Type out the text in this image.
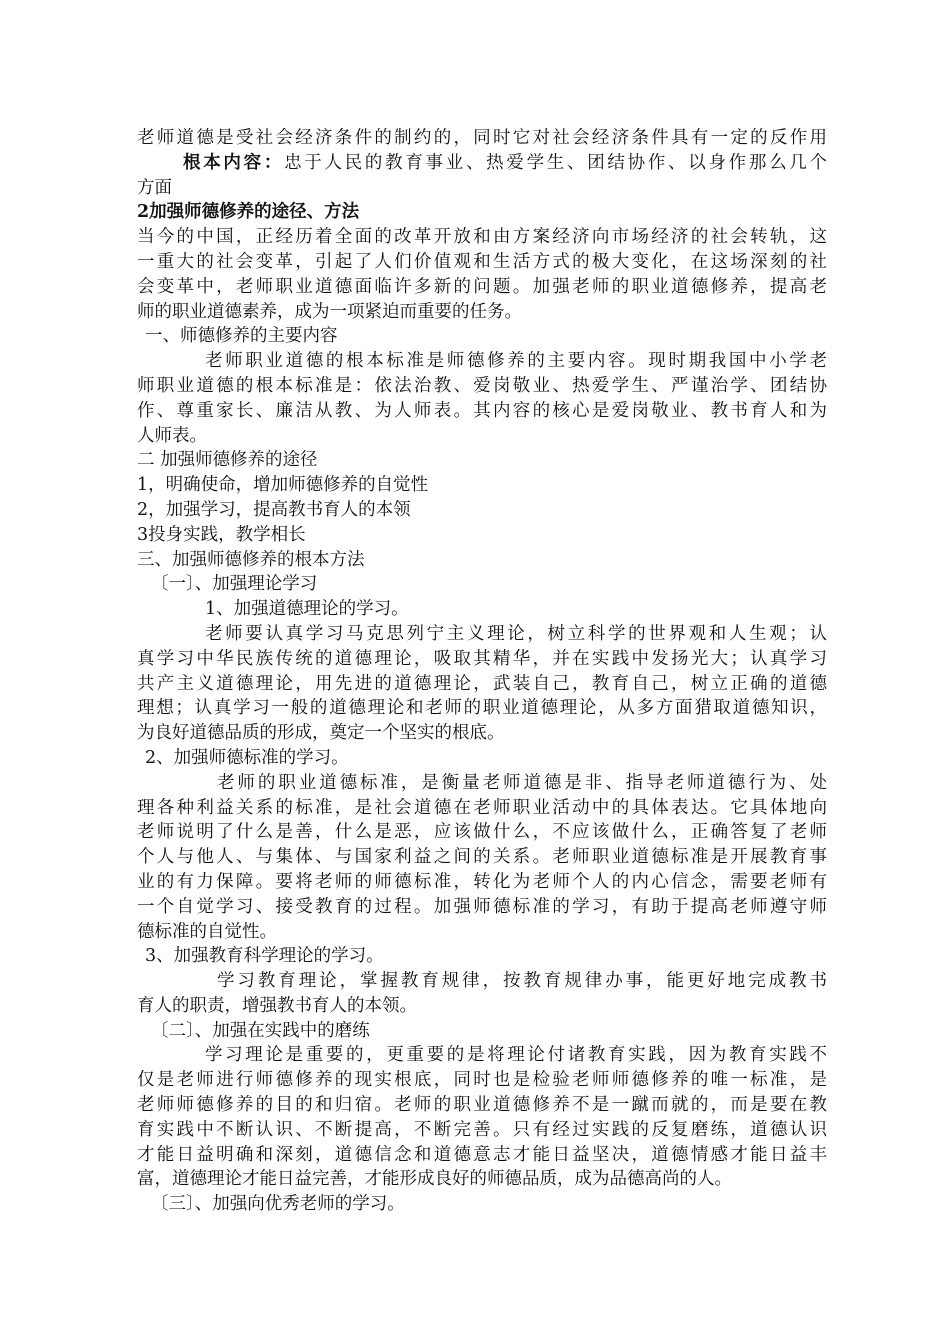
老师道德是受社会经济条件的制约的，同时它对社会经济条件具有一定的反作用
根本内容：忠于人民的教育事业、热爱学生、团结协作、以身作那么几个
方面
2加强师德修养的途径、方法
当今的中国，正经历着全面的改革开放和由方案经济向市场经济的社会转轨，这
一重大的社会变革，引起了人们价值观和生活方式的极大变化，在这场深刻的社
会变革中，老师职业道德面临许多新的问题。加强老师的职业道德修养，提高老
师的职业道德素养，成为一项紧迫而重要的任务。
一、师德修养的主要内容
老师职业道德的根本标准是师德修养的主要内容。现时期我国中小学老
师职业道德的根本标准是：依法治教、爱岗敬业、热爱学生、严谨治学、团结协
作、尊重家长、廉洁从教、为人师表。其内容的核心是爱岗敬业、教书育人和为
人师表。
二 加强师德修养的途径
1，明确使命，增加师德修养的自觉性
2，加强学习，提高教书育人的本领
3投身实践，教学相长
三、加强师德修养的根本方法
〔一〕、加强理论学习
1、加强道德理论的学习。
老师要认真学习马克思列宁主义理论，树立科学的世界观和人生观；认
真学习中华民族传统的道德理论，吸取其精华，并在实践中发扬光大；认真学习
共产主义道德理论，用先进的道德理论，武装自己，教育自己，树立正确的道德
理想；认真学习一般的道德理论和老师的职业道德理论，从多方面猎取道德知识，
为良好道德品质的形成，奠定一个坚实的根底。
2、加强师德标准的学习。
老师的职业道德标准，是衡量老师道德是非、指导老师道德行为、处
理各种利益关系的标准，是社会道德在老师职业活动中的具体表达。它具体地向
老师说明了什么是善，什么是恶，应该做什么，不应该做什么，正确答复了老师
个人与他人、与集体、与国家利益之间的关系。老师职业道德标准是开展教育事
业的有力保障。要将老师的师德标准，转化为老师个人的内心信念，需要老师有
一个自觉学习、接受教育的过程。加强师德标准的学习，有助于提高老师遵守师
德标准的自觉性。
3、加强教育科学理论的学习。
学习教育理论，掌握教育规律，按教育规律办事，能更好地完成教书
育人的职责，增强教书育人的本领。
〔二〕、加强在实践中的磨练
学习理论是重要的，更重要的是将理论付诸教育实践，因为教育实践不
仅是老师进行师德修养的现实根底，同时也是检验老师师德修养的唯一标准，是
老师师德修养的目的和归宿。老师的职业道德修养不是一蹴而就的，而是要在教
育实践中不断认识、不断提高，不断完善。只有经过实践的反复磨练，道德认识
才能日益明确和深刻，道德信念和道德意志才能日益坚决，道德情感才能日益丰
富，道德理论才能日益完善，才能形成良好的师德品质，成为品德高尚的人。
〔三〕、加强向优秀老师的学习。
